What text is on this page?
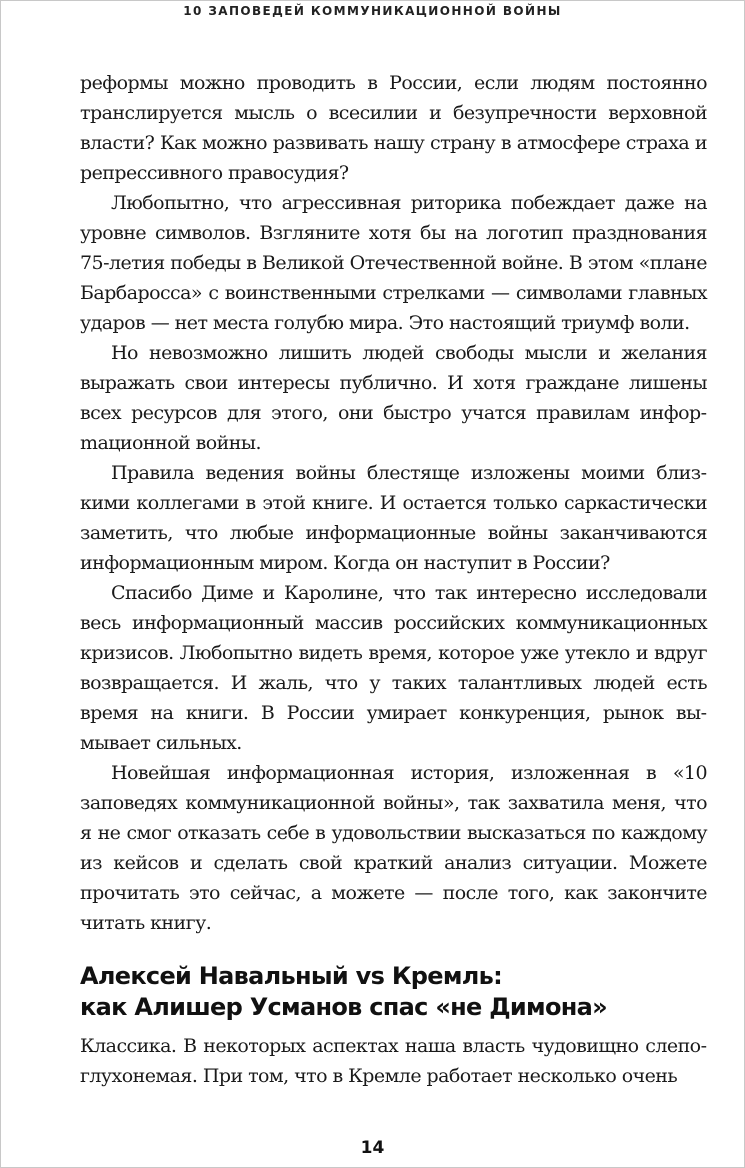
10 ЗАПОВЕДЕЙ КОММУНИКАЦИОННОЙ ВОЙНЫ

реформы можно проводить в России, если людям постоянно транслируется мысль о всесилии и безупречности верховной власти? Как можно развивать нашу страну в атмосфере страха и репрессивного правосудия?

Любопытно, что агрессивная риторика побеждает даже на уровне символов. Взгляните хотя бы на логотип празднования 75-летия победы в Великой Отечественной войне. В этом «плане Барбаросса» с воинственными стрелками — символами главных ударов — нет места голубю мира. Это настоящий триумф воли.

Но невозможно лишить людей свободы мысли и желания выражать свои интересы публично. И хотя граждане лишены всех ресурсов для этого, они быстро учатся правилам инфорmационной войны.

Правила ведения войны блестяще изложены моими близкими коллегами в этой книге. И остается только саркастически заметить, что любые информационные войны заканчиваются информационным миром. Когда он наступит в России?

Спасибо Диме и Каролине, что так интересно исследовали весь информационный массив российских коммуникационных кризисов. Любопытно видеть время, которое уже утекло и вдруг возвращается. И жаль, что у таких талантливых людей есть время на книги. В России умирает конкуренция, рынок вымывает сильных.

Новейшая информационная история, изложенная в «10 заповедях коммуникационной войны», так захватила меня, что я не смог отказать себе в удовольствии высказаться по каждому из кейсов и сделать свой краткий анализ ситуации. Можете прочитать это сейчас, а можете — после того, как закончите читать книгу.

Алексей Навальный vs Кремль:
как Алишер Усманов спас «не Димона»

Классика. В некоторых аспектах наша власть чудовищно слепоглухонемая. При том, что в Кремле работает несколько очень

14
